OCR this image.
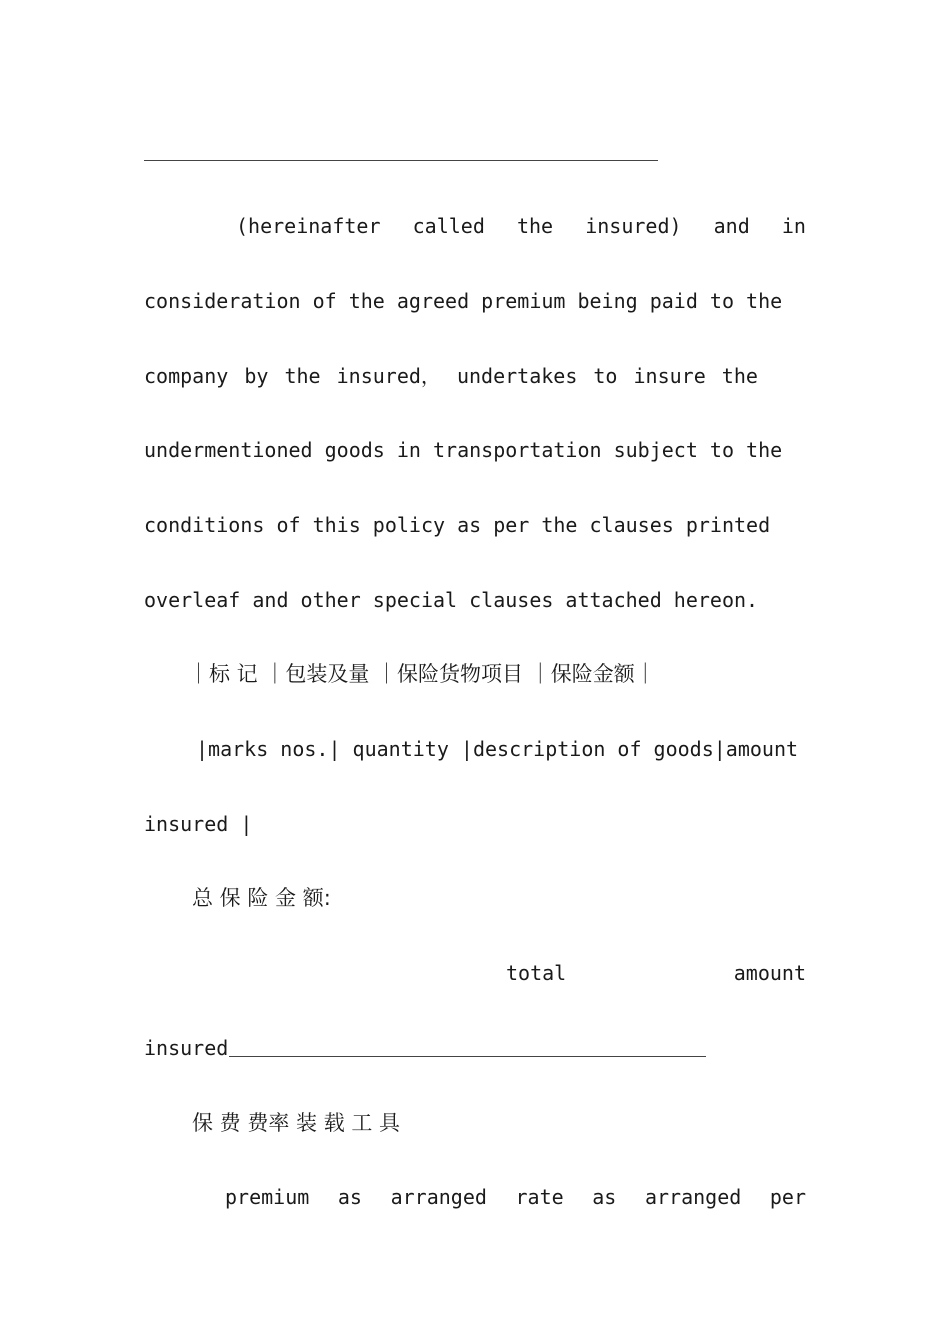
(hereinafter called the insured) and in
consideration of the agreed premium being paid to the
company by the insured， undertakes to insure the
undermentioned goods in transportation subject to the
conditions of this policy as per the clauses printed
overleaf and other special clauses attached hereon.
｜标 记 ｜包装及量 ｜保险货物项目 ｜保险金额｜
|marks nos.| quantity |description of goods|amount
insured |
总 保 险 金 额:
total	amount
insured
保 费 费率 装 载 工 具
premium as arranged rate as arranged per
